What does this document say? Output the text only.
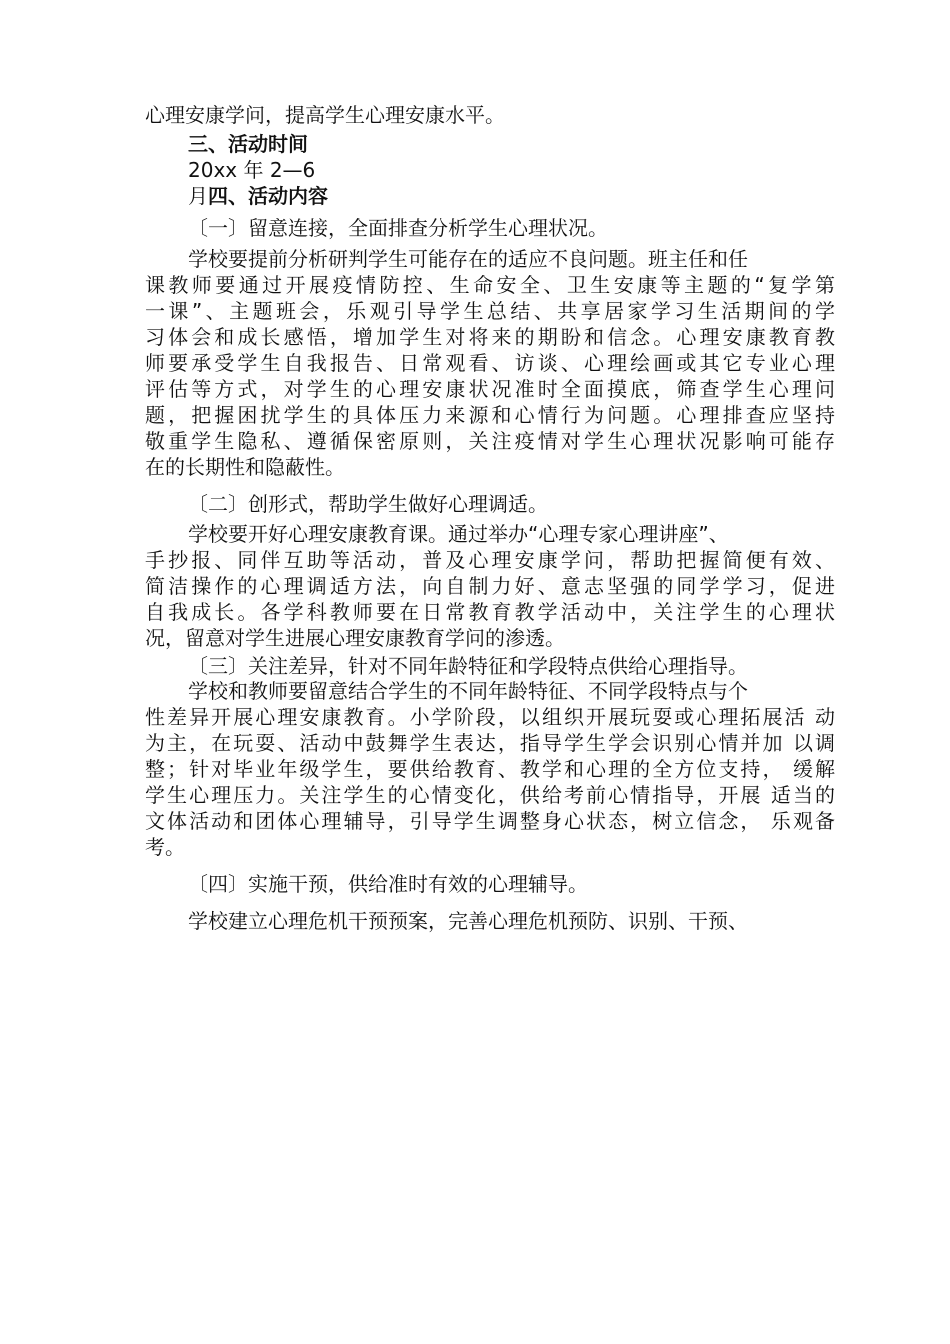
心理安康学问，提高学生心理安康水平。
三、活动时间
20xx 年 2—6
月四、活动内容
〔一〕留意连接，全面排查分析学生心理状况。
学校要提前分析研判学生可能存在的适应不良问题。班主任和任
课教师要通过开展疫情防控、生命安全、卫生安康等主题的“复学第
一课”、主题班会，乐观引导学生总结、共享居家学习生活期间的学
习体会和成长感悟，增加学生对将来的期盼和信念。心理安康教育教
师要承受学生自我报告、日常观看、访谈、心理绘画或其它专业心理
评估等方式，对学生的心理安康状况准时全面摸底，筛查学生心理问
题，把握困扰学生的具体压力来源和心情行为问题。心理排查应坚持
敬重学生隐私、遵循保密原则，关注疫情对学生心理状况影响可能存
在的长期性和隐蔽性。
〔二〕创形式，帮助学生做好心理调适。
学校要开好心理安康教育课。通过举办“心理专家心理讲座”、
手抄报、同伴互助等活动，普及心理安康学问，帮助把握简便有效、
简洁操作的心理调适方法，向自制力好、意志坚强的同学学习，促进
自我成长。各学科教师要在日常教育教学活动中，关注学生的心理状
况，留意对学生进展心理安康教育学问的渗透。
〔三〕关注差异，针对不同年龄特征和学段特点供给心理指导。
学校和教师要留意结合学生的不同年龄特征、不同学段特点与个
性差异开展心理安康教育。小学阶段，以组织开展玩耍或心理拓展活 动
为主，在玩耍、活动中鼓舞学生表达，指导学生学会识别心情并加 以调
整；针对毕业年级学生，要供给教育、教学和心理的全方位支持， 缓解
学生心理压力。关注学生的心情变化，供给考前心情指导，开展 适当的
文体活动和团体心理辅导，引导学生调整身心状态，树立信念， 乐观备
考。
〔四〕实施干预，供给准时有效的心理辅导。
学校建立心理危机干预预案，完善心理危机预防、识别、干预、
